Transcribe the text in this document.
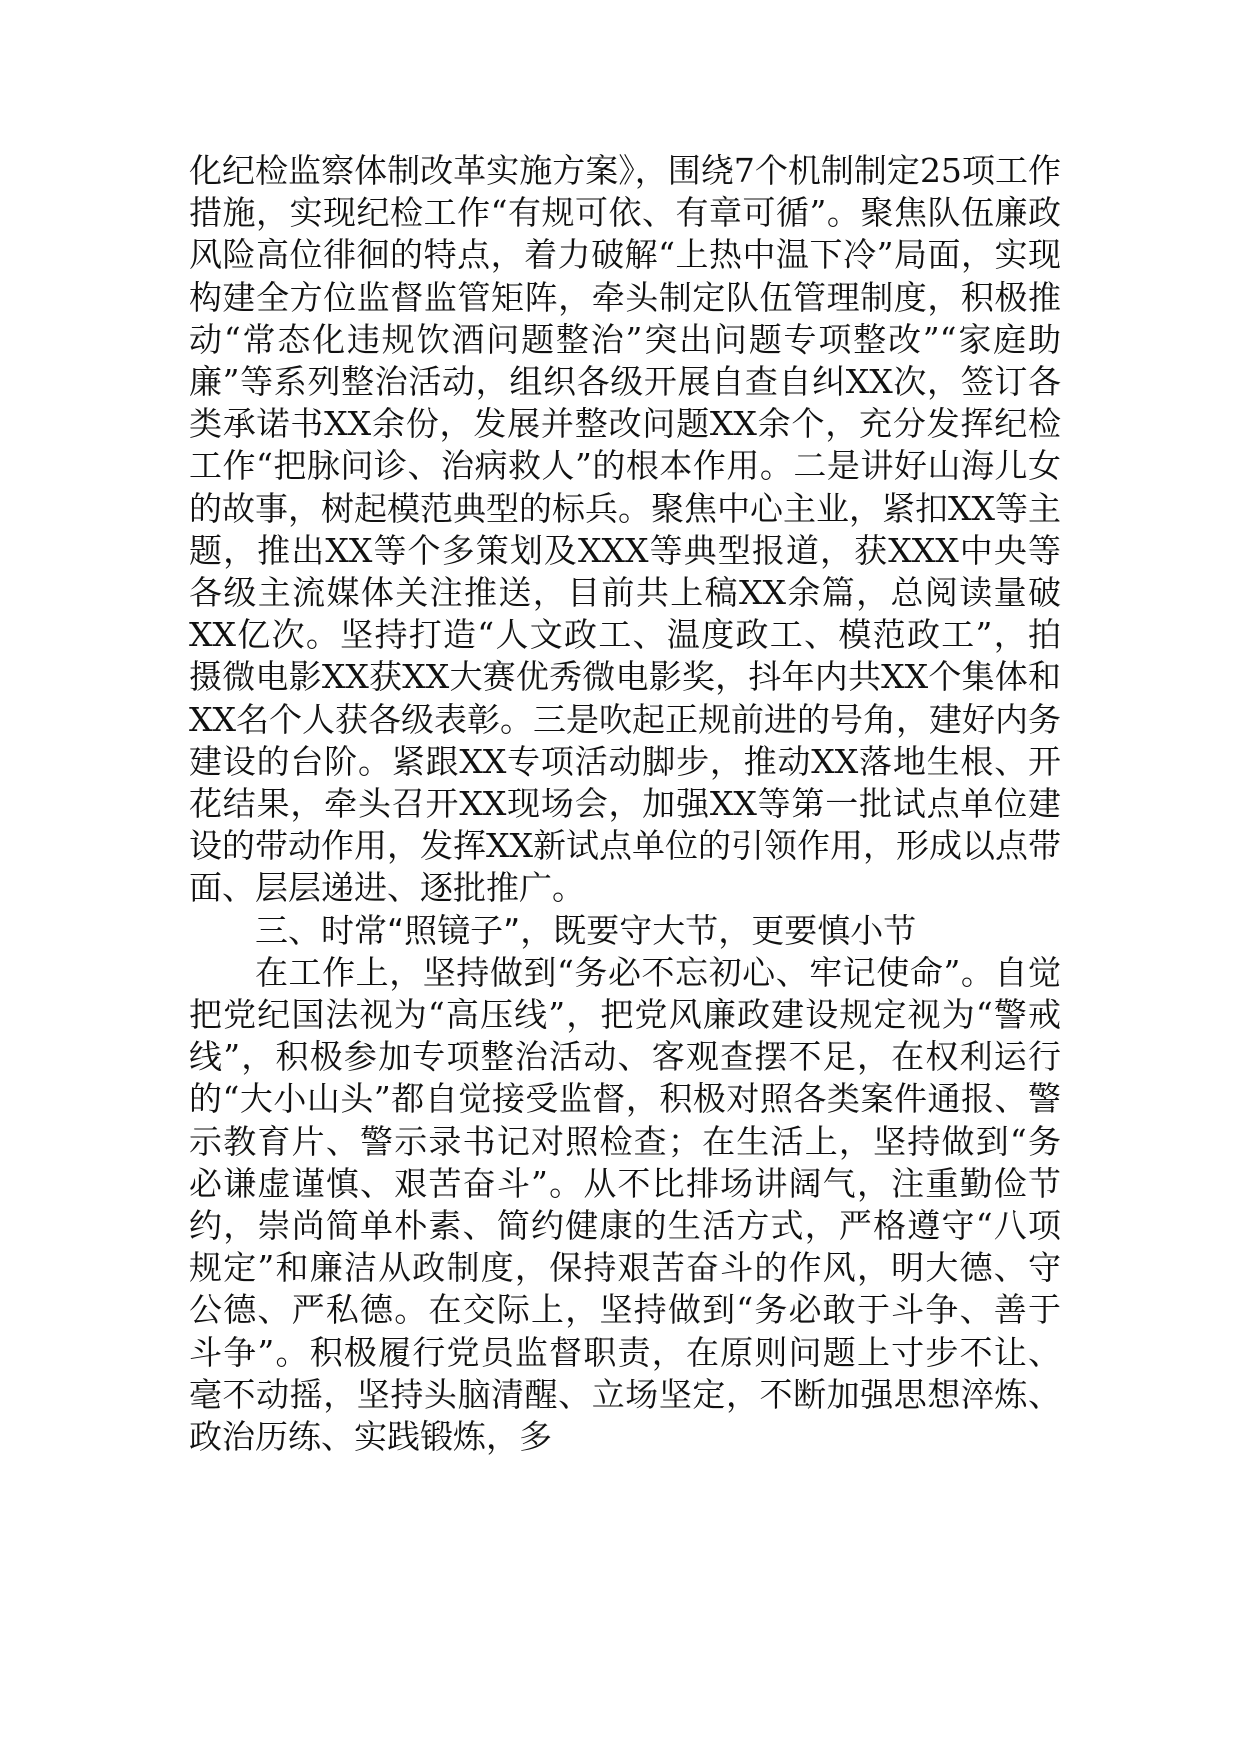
化纪检监察体制改革实施方案》，围绕7个机制制定25项工作措施，实现纪检工作“有规可依、有章可循”。聚焦队伍廉政风险高位徘徊的特点，着力破解“上热中温下冷”局面，实现构建全方位监督监管矩阵，牵头制定队伍管理制度，积极推动“常态化违规饮酒问题整治”突出问题专项整改”“家庭助廉”等系列整治活动，组织各级开展自查自纠XX次，签订各类承诺书XX余份，发展并整改问题XX余个，充分发挥纪检工作“把脉问诊、治病救人”的根本作用。二是讲好山海儿女的故事，树起模范典型的标兵。聚焦中心主业，紧扣XX等主题，推出XX等个多策划及XXX等典型报道，获XXX中央等各级主流媒体关注推送，目前共上稿XX余篇，总阅读量破XX亿次。坚持打造“人文政工、温度政工、模范政工”，拍摄微电影XX获XX大赛优秀微电影奖，抖年内共XX个集体和XX名个人获各级表彰。三是吹起正规前进的号角，建好内务建设的台阶。紧跟XX专项活动脚步，推动XX落地生根、开花结果，牵头召开XX现场会，加强XX等第一批试点单位建设的带动作用，发挥XX新试点单位的引领作用，形成以点带面、层层递进、逐批推广。

三、时常“照镜子”，既要守大节，更要慎小节

在工作上，坚持做到“务必不忘初心、牢记使命”。自觉把党纪国法视为“高压线”，把党风廉政建设规定视为“警戒线”，积极参加专项整治活动、客观查摆不足，在权利运行的“大小山头”都自觉接受监督，积极对照各类案件通报、警示教育片、警示录书记对照检查；在生活上，坚持做到“务必谦虚谨慎、艰苦奋斗”。从不比排场讲阔气，注重勤俭节约，崇尚简单朴素、简约健康的生活方式，严格遵守“八项规定”和廉洁从政制度，保持艰苦奋斗的作风，明大德、守公德、严私德。在交际上，坚持做到“务必敢于斗争、善于斗争”。积极履行党员监督职责，在原则问题上寸步不让、毫不动摇，坚持头脑清醒、立场坚定，不断加强思想淬炼、政治历练、实践锻炼，多
